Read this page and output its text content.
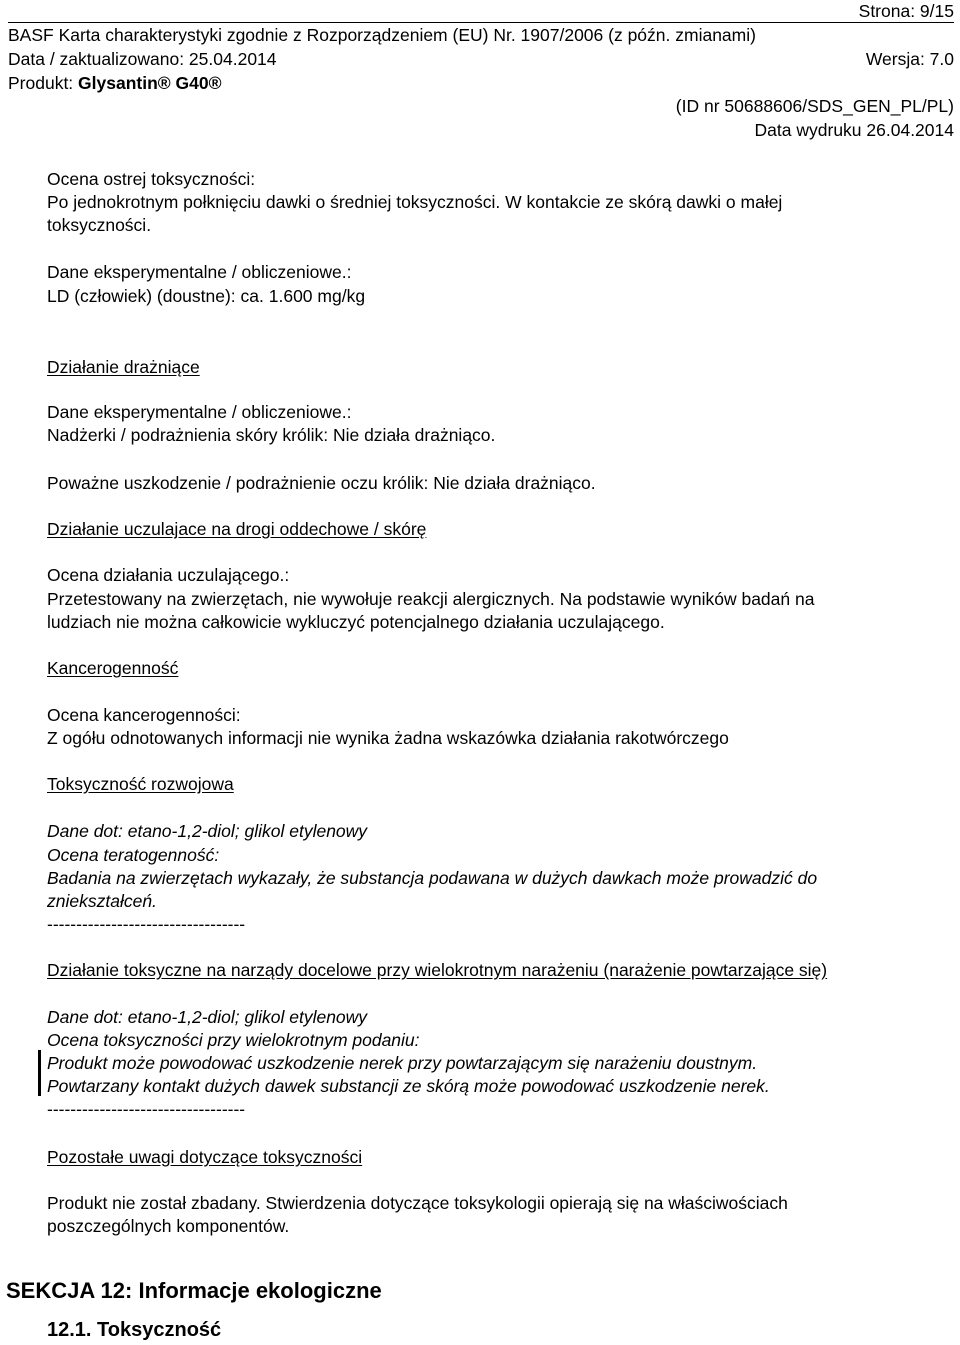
Strona: 9/15
BASF Karta charakterystyki zgodnie z Rozporządzeniem (EU) Nr. 1907/2006 (z późn. zmianami)
Data / zaktualizowano: 25.04.2014	Wersja: 7.0
Produkt: Glysantin® G40®
(ID nr 50688606/SDS_GEN_PL/PL)
Data wydruku 26.04.2014
Ocena ostrej toksyczności:
Po jednokrotnym połknięciu dawki o średniej toksyczności. W kontakcie ze skórą dawki o małej
toksyczności.
Dane eksperymentalne / obliczeniowe.:
LD (człowiek) (doustne): ca. 1.600 mg/kg
Działanie drażniące
Dane eksperymentalne / obliczeniowe.:
Nadżerki / podrażnienia skóry królik: Nie działa drażniąco.
Poważne uszkodzenie / podrażnienie oczu królik: Nie działa drażniąco.
Działanie uczulajace na drogi oddechowe / skórę
Ocena działania uczulającego.:
Przetestowany na zwierzętach, nie wywołuje reakcji alergicznych. Na podstawie wyników badań na
ludziach nie można całkowicie wykluczyć potencjalnego działania uczulającego.
Kancerogenność
Ocena kancerogenności:
Z ogółu odnotowanych informacji nie wynika żadna wskazówka działania rakotwórczego
Toksyczność rozwojowa
Dane dot: etano-1,2-diol; glikol etylenowy
Ocena teratogenność:
Badania na zwierzętach wykazały, że substancja podawana w dużych dawkach może prowadzić do
zniekształceń.
----------------------------------
Działanie toksyczne na narządy docelowe przy wielokrotnym narażeniu (narażenie powtarzające się)
Dane dot: etano-1,2-diol; glikol etylenowy
Ocena toksyczności przy wielokrotnym podaniu:
Produkt może powodować uszkodzenie nerek przy powtarzającym się narażeniu doustnym.
Powtarzany kontakt dużych dawek substancji ze skórą może powodować uszkodzenie nerek.
----------------------------------
Pozostałe uwagi dotyczące toksyczności
Produkt nie został zbadany. Stwierdzenia dotyczące toksykologii opierają się na właściwościach
poszczególnych komponentów.
SEKCJA 12: Informacje ekologiczne
12.1. Toksyczność
